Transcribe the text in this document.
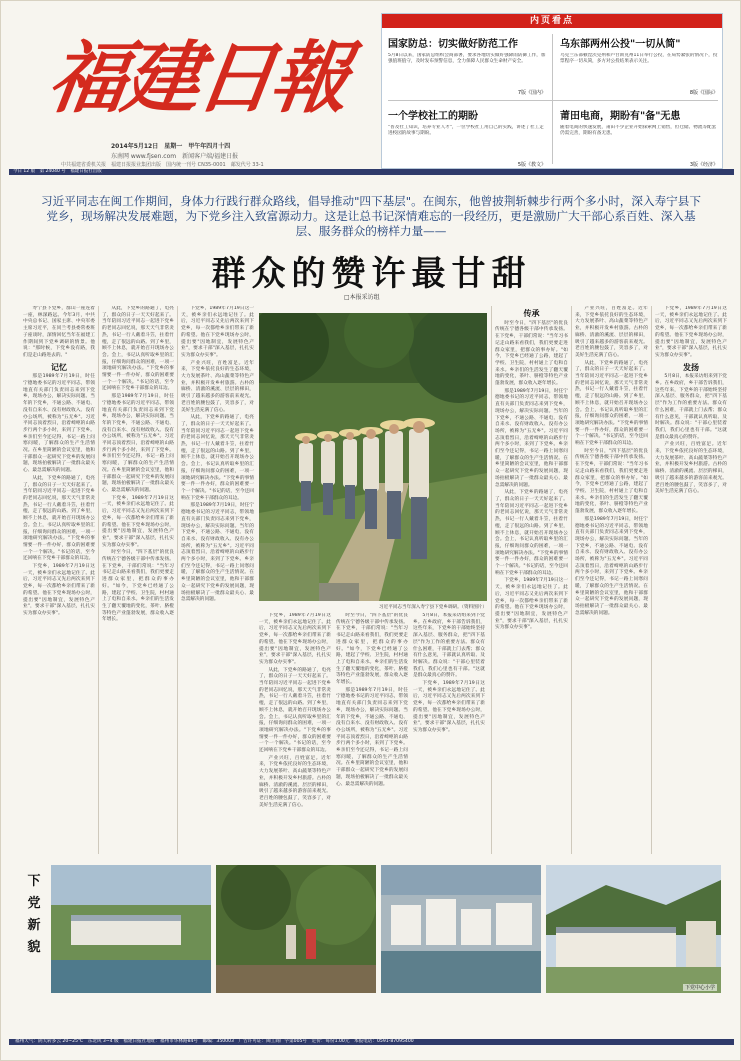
福建日報
东南网 www.fjsen.com　新闻客户端/福建日报
2014年5月12日　星期一　甲午年四月十四
中共福建省委机关报　福建日报报业集团出版　国内统一刊号 CN35-0001　邮发代号 33-1
今日 12 版　第 24040 号　福建日报社出版
内页看点
国家防总：切实做好防范工作
5月8日以来，国家防总组织会商部署，要求各地切实做好强降雨防御工作，加强值班值守，及时发布预警信息，全力保障人民群众生命财产安全。
7版《国内》
乌东部两州公投"一切从简"
乌克兰东部顿涅茨克州和卢甘斯克州11日举行公投，在局势紧张的情况下，投票程序一切从简，多方对公投结果表示关注。
8版《国际》
一个学校社工的期盼
"普及社工知识，培养专业人才"，一位学校社工用自己的实践，讲述了社工走进校园的故事与期盼。
5版《教文》
莆田电商，期盼有"备"无患
随着电商的快速发展，莆田不少企业开始探索网上销售，但仓储、物流等配套仍需完善，期盼有备无患。
3版《经济》
习近平同志在闽工作期间，身体力行践行群众路线，倡导推动"四下基层"。在闽东，他曾披荆斩棘步行两个多小时，深入寿宁县下党乡，现场解决发展难题，为下党乡注入致富源动力。这是让总书记深情难忘的一段经历，更是激励广大干部心系百姓、深入基层、服务群众的榜样力量——
群众的赞许最甘甜
□本报采访组

寿宁县下党乡，群山一座连着一座，林深路远。今年3月，中共中央总书记、国家主席、中央军委主席习近平，在同兰考县委常委班子座谈时，深情回忆当年在福建工作期间到下党乡调研的情景。他说："那时候，下党乡没有路，我们是走山路进去的。"

记忆

那是1989年7月19日，时任宁德地委书记的习近平同志，带领地直有关部门负责同志来到下党乡，现场办公，解决实际问题。当年的下党乡，不通公路、不通电、没有自来水、没有财政收入、没有办公场所，被称为"五无乡"。习近平同志顶着烈日，沿着崎岖的山路步行两个多小时，来到了下党乡。乡亲们至今还记得，书记一路上问寒问暖，了解群众的生产生活情况。在乡里简陋的会议室里，他和干部群众一起研究下党乡的发展问题，现场拍板解决了一批群众最关心、最急需解决的问题。

从此，下党乡的路通了，电亮了，群众的日子一天天好起来了。当年陪同习近平同志一起进下党乡的老同志回忆说，那天天气非常炎热，书记一行人戴着斗笠，拄着竹棍，走了很远的山路。到了乡里，顾不上休息，就开始召开现场办公会。会上，书记认真听取乡里的汇报，仔细询问群众的困难，一项一项地研究解决办法。"下党乡的事情要一件一件办好，群众的困难要一个一个解决。"书记的话，至今还回响在下党乡干部群众的耳边。

下党乡，1989年7月19日这一天，被乡亲们永远地记住了。此后，习近平同志又先后两次来到下党乡，每一次都给乡亲们带来了新的希望。他在下党乡现场办公时，提出要"因地制宜，发展特色产业"，要求干部"深入基层，扎扎实实为群众办实事"。

从此，下党乡的路通了，电亮了，群众的日子一天天好起来了。当年陪同习近平同志一起进下党乡的老同志回忆说，那天天气非常炎热，书记一行人戴着斗笠，拄着竹棍，走了很远的山路。到了乡里，顾不上休息，就开始召开现场办公会。会上，书记认真听取乡里的汇报，仔细询问群众的困难，一项一项地研究解决办法。"下党乡的事情要一件一件办好，群众的困难要一个一个解决。"书记的话，至今还回响在下党乡干部群众的耳边。

那是1989年7月19日，时任宁德地委书记的习近平同志，带领地直有关部门负责同志来到下党乡，现场办公，解决实际问题。当年的下党乡，不通公路、不通电、没有自来水、没有财政收入、没有办公场所，被称为"五无乡"。习近平同志顶着烈日，沿着崎岖的山路步行两个多小时，来到了下党乡。乡亲们至今还记得，书记一路上问寒问暖，了解群众的生产生活情况。在乡里简陋的会议室里，他和干部群众一起研究下党乡的发展问题，现场拍板解决了一批群众最关心、最急需解决的问题。

下党乡，1989年7月19日这一天，被乡亲们永远地记住了。此后，习近平同志又先后两次来到下党乡，每一次都给乡亲们带来了新的希望。他在下党乡现场办公时，提出要"因地制宜，发展特色产业"，要求干部"深入基层，扎扎实实为群众办实事"。

时至今日，"四下基层"的优良传统在宁德各级干部中传承发扬。在下党乡，干部们常说："当年习书记走山路来看我们，我们更要走进群众家里，把群众的事办好。"如今，下党乡已经通了公路，建起了学校、卫生院，村村通上了电和自来水。乡亲们的生活发生了翻天覆地的变化，茶叶、脐橙等特色产业蓬勃发展，群众收入逐年增长。

下党乡，1989年7月19日这一天，被乡亲们永远地记住了。此后，习近平同志又先后两次来到下党乡，每一次都给乡亲们带来了新的希望。他在下党乡现场办公时，提出要"因地制宜，发展特色产业"，要求干部"深入基层，扎扎实实为群众办实事"。

产业兴旺，百姓富足。近年来，下党乡依托良好的生态环境，大力发展茶叶、高山蔬菜等特色产业，并积极开发乡村旅游。古朴的廊桥、清澈的溪流、层层的梯田，吸引了越来越多的游客前来观光。老百姓的腰包鼓了，笑容多了，对美好生活充满了信心。

从此，下党乡的路通了，电亮了，群众的日子一天天好起来了。当年陪同习近平同志一起进下党乡的老同志回忆说，那天天气非常炎热，书记一行人戴着斗笠，拄着竹棍，走了很远的山路。到了乡里，顾不上休息，就开始召开现场办公会。会上，书记认真听取乡里的汇报，仔细询问群众的困难，一项一项地研究解决办法。"下党乡的事情要一件一件办好，群众的困难要一个一个解决。"书记的话，至今还回响在下党乡干部群众的耳边。

那是1989年7月19日，时任宁德地委书记的习近平同志，带领地直有关部门负责同志来到下党乡，现场办公，解决实际问题。当年的下党乡，不通公路、不通电、没有自来水、没有财政收入、没有办公场所，被称为"五无乡"。习近平同志顶着烈日，沿着崎岖的山路步行两个多小时，来到了下党乡。乡亲们至今还记得，书记一路上问寒问暖，了解群众的生产生活情况。在乡里简陋的会议室里，他和干部群众一起研究下党乡的发展问题，现场拍板解决了一批群众最关心、最急需解决的问题。

习近平同志当年深入寿宁县下党乡调研。（资料图片）

下党乡，1989年7月19日这一天，被乡亲们永远地记住了。此后，习近平同志又先后两次来到下党乡，每一次都给乡亲们带来了新的希望。他在下党乡现场办公时，提出要"因地制宜，发展特色产业"，要求干部"深入基层，扎扎实实为群众办实事"。

从此，下党乡的路通了，电亮了，群众的日子一天天好起来了。当年陪同习近平同志一起进下党乡的老同志回忆说，那天天气非常炎热，书记一行人戴着斗笠，拄着竹棍，走了很远的山路。到了乡里，顾不上休息，就开始召开现场办公会。会上，书记认真听取乡里的汇报，仔细询问群众的困难，一项一项地研究解决办法。"下党乡的事情要一件一件办好，群众的困难要一个一个解决。"书记的话，至今还回响在下党乡干部群众的耳边。

产业兴旺，百姓富足。近年来，下党乡依托良好的生态环境，大力发展茶叶、高山蔬菜等特色产业，并积极开发乡村旅游。古朴的廊桥、清澈的溪流、层层的梯田，吸引了越来越多的游客前来观光。老百姓的腰包鼓了，笑容多了，对美好生活充满了信心。

时至今日，"四下基层"的优良传统在宁德各级干部中传承发扬。在下党乡，干部们常说："当年习书记走山路来看我们，我们更要走进群众家里，把群众的事办好。"如今，下党乡已经通了公路，建起了学校、卫生院，村村通上了电和自来水。乡亲们的生活发生了翻天覆地的变化，茶叶、脐橙等特色产业蓬勃发展，群众收入逐年增长。

那是1989年7月19日，时任宁德地委书记的习近平同志，带领地直有关部门负责同志来到下党乡，现场办公，解决实际问题。当年的下党乡，不通公路、不通电、没有自来水、没有财政收入、没有办公场所，被称为"五无乡"。习近平同志顶着烈日，沿着崎岖的山路步行两个多小时，来到了下党乡。乡亲们至今还记得，书记一路上问寒问暖，了解群众的生产生活情况。在乡里简陋的会议室里，他和干部群众一起研究下党乡的发展问题，现场拍板解决了一批群众最关心、最急需解决的问题。

5月8日，本报采访组来到下党乡。在乡政府，乡干部告诉我们，这些年来，下党乡的干部始终坚持深入基层、服务群众，把"四下基层"作为工作的重要方法。群众有什么困难，干部就上门去帮；群众有什么意见，干部就认真听取、及时解决。群众说："干部心里装着我们，我们心里也有干部。"这就是群众最真心的赞许。

下党乡，1989年7月19日这一天，被乡亲们永远地记住了。此后，习近平同志又先后两次来到下党乡，每一次都给乡亲们带来了新的希望。他在下党乡现场办公时，提出要"因地制宜，发展特色产业"，要求干部"深入基层，扎扎实实为群众办实事"。

传承

时至今日，"四下基层"的优良传统在宁德各级干部中传承发扬。在下党乡，干部们常说："当年习书记走山路来看我们，我们更要走进群众家里，把群众的事办好。"如今，下党乡已经通了公路，建起了学校、卫生院，村村通上了电和自来水。乡亲们的生活发生了翻天覆地的变化，茶叶、脐橙等特色产业蓬勃发展，群众收入逐年增长。

那是1989年7月19日，时任宁德地委书记的习近平同志，带领地直有关部门负责同志来到下党乡，现场办公，解决实际问题。当年的下党乡，不通公路、不通电、没有自来水、没有财政收入、没有办公场所，被称为"五无乡"。习近平同志顶着烈日，沿着崎岖的山路步行两个多小时，来到了下党乡。乡亲们至今还记得，书记一路上问寒问暖，了解群众的生产生活情况。在乡里简陋的会议室里，他和干部群众一起研究下党乡的发展问题，现场拍板解决了一批群众最关心、最急需解决的问题。

从此，下党乡的路通了，电亮了，群众的日子一天天好起来了。当年陪同习近平同志一起进下党乡的老同志回忆说，那天天气非常炎热，书记一行人戴着斗笠，拄着竹棍，走了很远的山路。到了乡里，顾不上休息，就开始召开现场办公会。会上，书记认真听取乡里的汇报，仔细询问群众的困难，一项一项地研究解决办法。"下党乡的事情要一件一件办好，群众的困难要一个一个解决。"书记的话，至今还回响在下党乡干部群众的耳边。

下党乡，1989年7月19日这一天，被乡亲们永远地记住了。此后，习近平同志又先后两次来到下党乡，每一次都给乡亲们带来了新的希望。他在下党乡现场办公时，提出要"因地制宜，发展特色产业"，要求干部"深入基层，扎扎实实为群众办实事"。

产业兴旺，百姓富足。近年来，下党乡依托良好的生态环境，大力发展茶叶、高山蔬菜等特色产业，并积极开发乡村旅游。古朴的廊桥、清澈的溪流、层层的梯田，吸引了越来越多的游客前来观光。老百姓的腰包鼓了，笑容多了，对美好生活充满了信心。

从此，下党乡的路通了，电亮了，群众的日子一天天好起来了。当年陪同习近平同志一起进下党乡的老同志回忆说，那天天气非常炎热，书记一行人戴着斗笠，拄着竹棍，走了很远的山路。到了乡里，顾不上休息，就开始召开现场办公会。会上，书记认真听取乡里的汇报，仔细询问群众的困难，一项一项地研究解决办法。"下党乡的事情要一件一件办好，群众的困难要一个一个解决。"书记的话，至今还回响在下党乡干部群众的耳边。

时至今日，"四下基层"的优良传统在宁德各级干部中传承发扬。在下党乡，干部们常说："当年习书记走山路来看我们，我们更要走进群众家里，把群众的事办好。"如今，下党乡已经通了公路，建起了学校、卫生院，村村通上了电和自来水。乡亲们的生活发生了翻天覆地的变化，茶叶、脐橙等特色产业蓬勃发展，群众收入逐年增长。

那是1989年7月19日，时任宁德地委书记的习近平同志，带领地直有关部门负责同志来到下党乡，现场办公，解决实际问题。当年的下党乡，不通公路、不通电、没有自来水、没有财政收入、没有办公场所，被称为"五无乡"。习近平同志顶着烈日，沿着崎岖的山路步行两个多小时，来到了下党乡。乡亲们至今还记得，书记一路上问寒问暖，了解群众的生产生活情况。在乡里简陋的会议室里，他和干部群众一起研究下党乡的发展问题，现场拍板解决了一批群众最关心、最急需解决的问题。

下党乡，1989年7月19日这一天，被乡亲们永远地记住了。此后，习近平同志又先后两次来到下党乡，每一次都给乡亲们带来了新的希望。他在下党乡现场办公时，提出要"因地制宜，发展特色产业"，要求干部"深入基层，扎扎实实为群众办实事"。

发扬

5月8日，本报采访组来到下党乡。在乡政府，乡干部告诉我们，这些年来，下党乡的干部始终坚持深入基层、服务群众，把"四下基层"作为工作的重要方法。群众有什么困难，干部就上门去帮；群众有什么意见，干部就认真听取、及时解决。群众说："干部心里装着我们，我们心里也有干部。"这就是群众最真心的赞许。

产业兴旺，百姓富足。近年来，下党乡依托良好的生态环境，大力发展茶叶、高山蔬菜等特色产业，并积极开发乡村旅游。古朴的廊桥、清澈的溪流、层层的梯田，吸引了越来越多的游客前来观光。老百姓的腰包鼓了，笑容多了，对美好生活充满了信心。

下党新貌
下党中心小学
福州天气：阴天转多云 20~25℃　东北风 3~4 级　福建日报社地址：福州市华林路84号　邮编：350003　广告许可证：闽工商广字第005号　定价：每份1.00元　本报电话：0591-87095400
